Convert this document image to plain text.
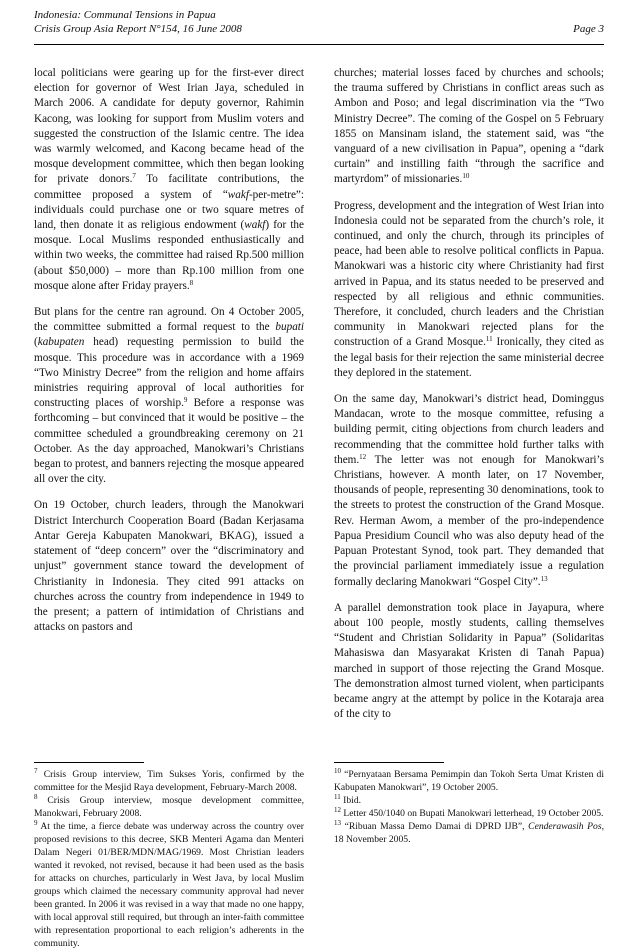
Indonesia: Communal Tensions in Papua
Crisis Group Asia Report N°154, 16 June 2008	Page 3

local politicians were gearing up for the first-ever direct election for governor of West Irian Jaya, scheduled in March 2006. A candidate for deputy governor, Rahimin Kacong, was looking for support from Muslim voters and suggested the construction of the Islamic centre. The idea was warmly welcomed, and Kacong became head of the mosque development committee, which then began looking for private donors.$^7$ To facilitate contributions, the committee proposed a system of “wakf-per-metre”: individuals could purchase one or two square metres of land, then donate it as religious endowment (wakf) for the mosque. Local Muslims responded enthusiastically and within two weeks, the committee had raised Rp.500 million (about $50,000) – more than Rp.100 million from one mosque alone after Friday prayers.$^8$

But plans for the centre ran aground. On 4 October 2005, the committee submitted a formal request to the bupati (kabupaten head) requesting permission to build the mosque. This procedure was in accordance with a 1969 “Two Ministry Decree” from the religion and home affairs ministries requiring approval of local authorities for constructing places of worship.$^9$ Before a response was forthcoming – but convinced that it would be positive – the committee scheduled a groundbreaking ceremony on 21 October. As the day approached, Manokwari’s Christians began to protest, and banners rejecting the mosque appeared all over the city.

On 19 October, church leaders, through the Manokwari District Interchurch Cooperation Board (Badan Kerjasama Antar Gereja Kabupaten Manokwari, BKAG), issued a statement of “deep concern” over the “discriminatory and unjust” government stance toward the development of Christianity in Indonesia. They cited 991 attacks on churches across the country from independence in 1949 to the present; a pattern of intimidation of Christians and attacks on pastors and

$^7$ Crisis Group interview, Tim Sukses Yoris, confirmed by the committee for the Mesjid Raya development, February-March 2008.

$^8$ Crisis Group interview, mosque development committee, Manokwari, February 2008.

$^9$ At the time, a fierce debate was underway across the country over proposed revisions to this decree, SKB Menteri Agama dan Menteri Dalam Negeri 01/BER/MDN/MAG/1969. Most Christian leaders wanted it revoked, not revised, because it had been used as the basis for attacks on churches, particularly in West Java, by local Muslim groups which claimed the necessary community approval had never been granted. In 2006 it was revised in a way that made no one happy, with local approval still required, but through an inter-faith committee with representation proportional to each religion’s adherents in the community.

churches; material losses faced by churches and schools; the trauma suffered by Christians in conflict areas such as Ambon and Poso; and legal discrimination via the “Two Ministry Decree”. The coming of the Gospel on 5 February 1855 on Mansinam island, the statement said, was “the vanguard of a new civilisation in Papua”, opening a “dark curtain” and instilling faith “through the sacrifice and martyrdom” of missionaries.$^{10}$

Progress, development and the integration of West Irian into Indonesia could not be separated from the church’s role, it continued, and only the church, through its principles of peace, had been able to resolve political conflicts in Papua. Manokwari was a historic city where Christianity had first arrived in Papua, and its status needed to be preserved and respected by all religious and ethnic communities. Therefore, it concluded, church leaders and the Christian community in Manokwari rejected plans for the construction of a Grand Mosque.$^{11}$ Ironically, they cited as the legal basis for their rejection the same ministerial decree they deplored in the statement.

On the same day, Manokwari’s district head, Dominggus Mandacan, wrote to the mosque committee, refusing a building permit, citing objections from church leaders and recommending that the committee hold further talks with them.$^{12}$ The letter was not enough for Manokwari’s Christians, however. A month later, on 17 November, thousands of people, representing 30 denominations, took to the streets to protest the construction of the Grand Mosque. Rev. Herman Awom, a member of the pro-independence Papua Presidium Council who was also deputy head of the Papuan Protestant Synod, took part. They demanded that the provincial parliament immediately issue a regulation formally declaring Manokwari “Gospel City”.$^{13}$

A parallel demonstration took place in Jayapura, where about 100 people, mostly students, calling themselves “Student and Christian Solidarity in Papua” (Solidaritas Mahasiswa dan Masyarakat Kristen di Tanah Papua) marched in support of those rejecting the Grand Mosque. The demonstration almost turned violent, when participants became angry at the attempt by police in the Kotaraja area of the city to

$^{10}$ “Pernyataan Bersama Pemimpin dan Tokoh Serta Umat Kristen di Kabupaten Manokwari”, 19 October 2005.

$^{11}$ Ibid.

$^{12}$ Letter 450/1040 on Bupati Manokwari letterhead, 19 October 2005.

$^{13}$ “Ribuan Massa Demo Damai di DPRD IJB”, Cenderawasih Pos, 18 November 2005.
